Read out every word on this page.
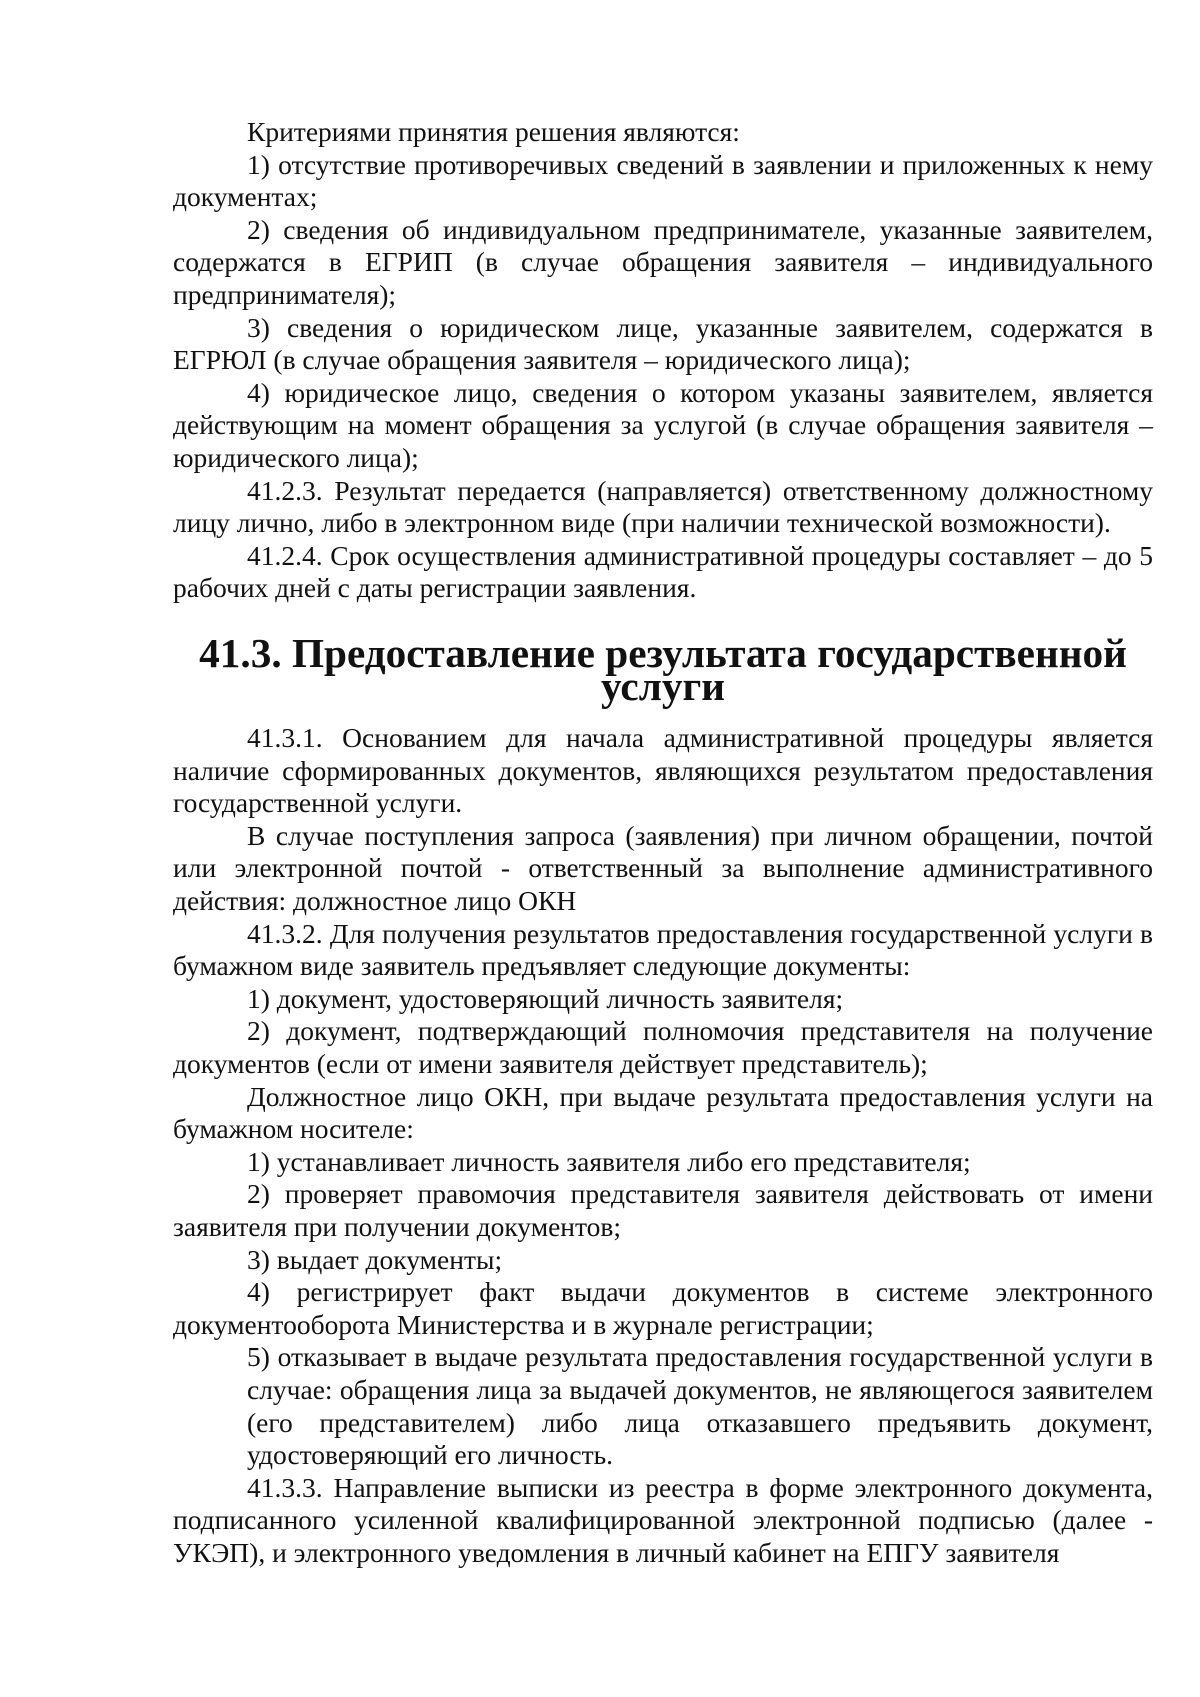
Критериями принятия решения являются:

1) отсутствие противоречивых сведений в заявлении и приложенных к нему документах;

2) сведения об индивидуальном предпринимателе, указанные заявителем, содержатся в ЕГРИП (в случае обращения заявителя – индивидуального предпринимателя);

3) сведения о юридическом лице, указанные заявителем, содержатся в ЕГРЮЛ (в случае обращения заявителя – юридического лица);

4) юридическое лицо, сведения о котором указаны заявителем, является действующим на момент обращения за услугой (в случае обращения заявителя – юридического лица);

41.2.3. Результат передается (направляется) ответственному должностному лицу лично, либо в электронном виде (при наличии технической возможности).

41.2.4. Срок осуществления административной процедуры составляет – до 5 рабочих дней с даты регистрации заявления.

41.3. Предоставление результата государственной услуги

41.3.1. Основанием для начала административной процедуры является наличие сформированных документов, являющихся результатом предоставления государственной услуги.

В случае поступления запроса (заявления) при личном обращении, почтой или электронной почтой - ответственный за выполнение административного действия: должностное лицо ОКН

41.3.2. Для получения результатов предоставления государственной услуги в бумажном виде заявитель предъявляет следующие документы:

1) документ, удостоверяющий личность заявителя;

2) документ, подтверждающий полномочия представителя на получение документов (если от имени заявителя действует представитель);

Должностное лицо ОКН, при выдаче результата предоставления услуги на бумажном носителе:

1) устанавливает личность заявителя либо его представителя;

2) проверяет правомочия представителя заявителя действовать от имени заявителя при получении документов;

3) выдает документы;

4) регистрирует факт выдачи документов в системе электронного документооборота Министерства и в журнале регистрации;

5) отказывает в выдаче результата предоставления государственной услуги в случае: обращения лица за выдачей документов, не являющегося заявителем (его представителем) либо лица отказавшего предъявить документ, удостоверяющий его личность.

41.3.3. Направление выписки из реестра в форме электронного документа, подписанного усиленной квалифицированной электронной подписью (далее - УКЭП), и электронного уведомления в личный кабинет на ЕПГУ заявителя
